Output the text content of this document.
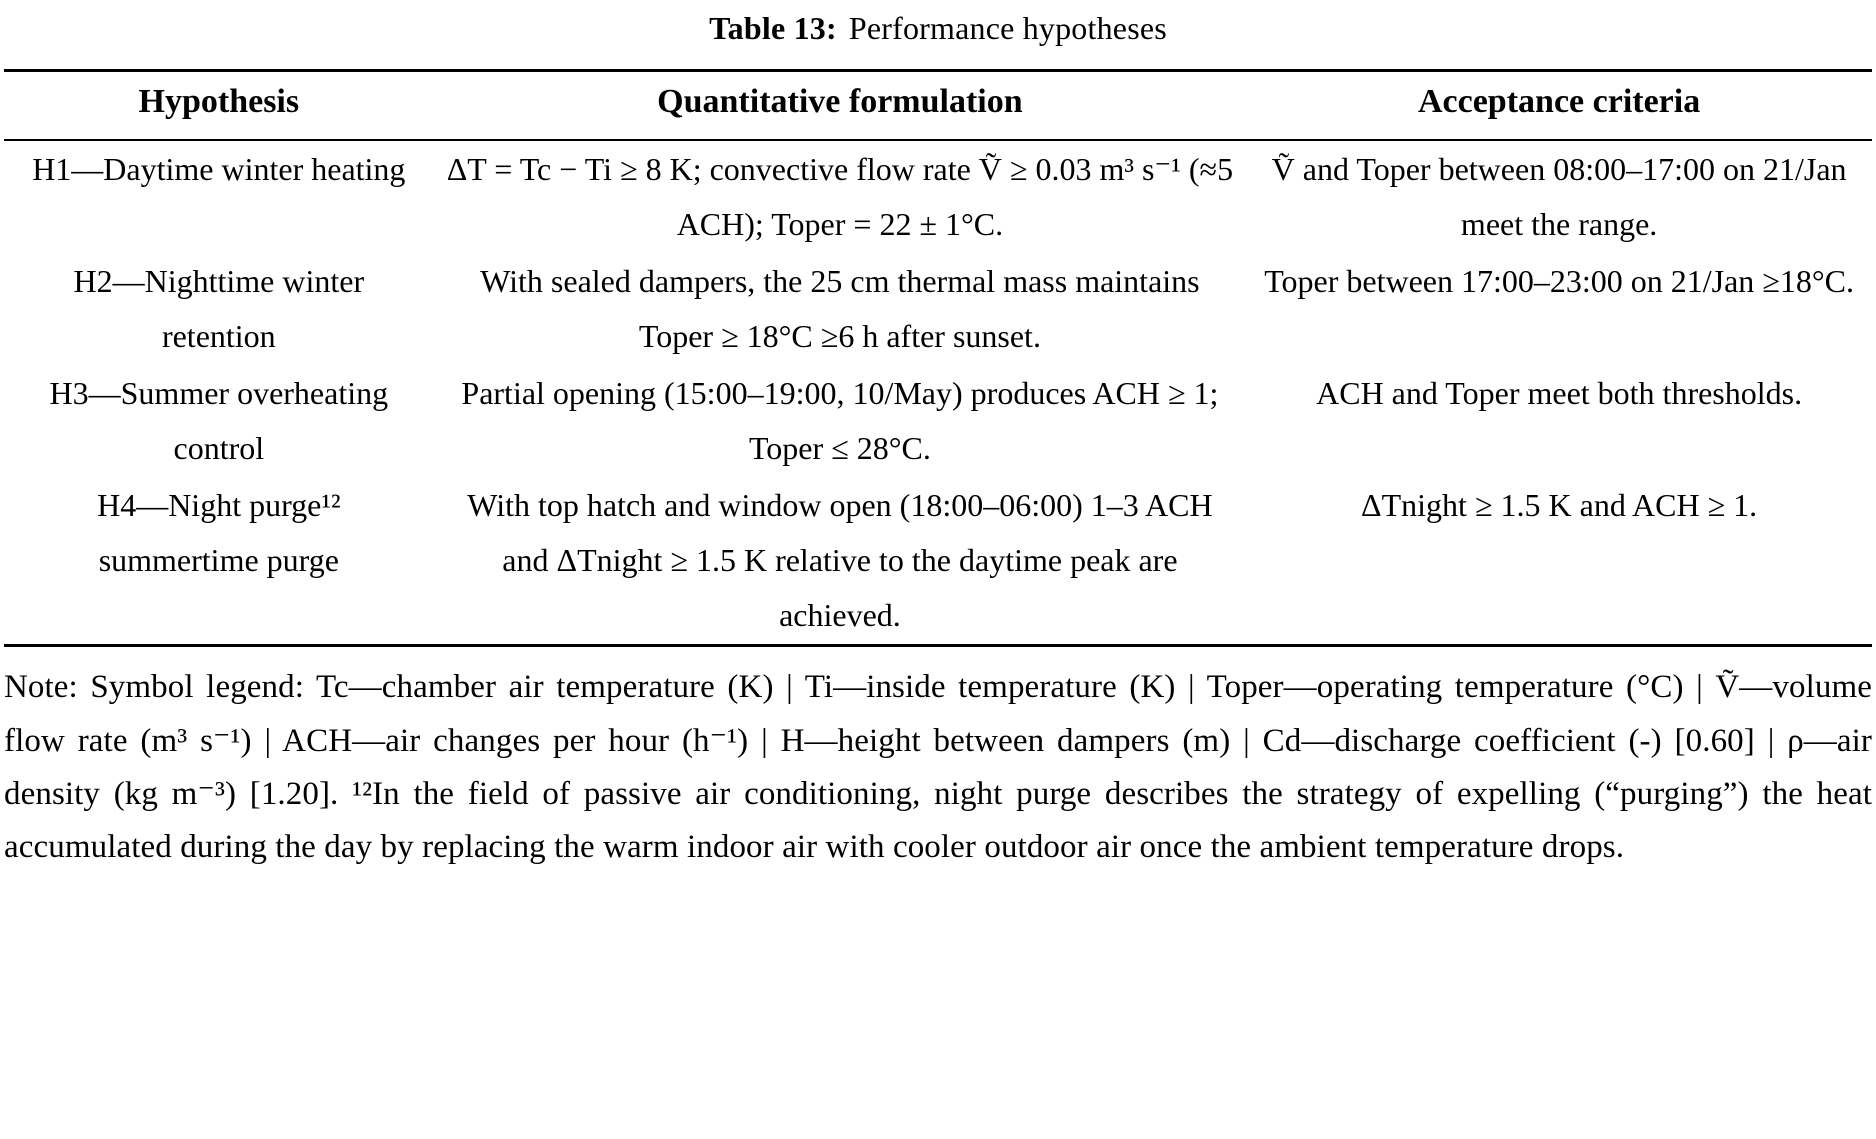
Table 13: Performance hypotheses
Hypothesis	Quantitative formulation	Acceptance criteria
H1—Daytime winter heating	ΔT = Tc − Ti ≥ 8 K; convective flow rate Ṽ ≥ 0.03 m³ s⁻¹ (≈5 ACH); Toper = 22 ± 1°C.	Ṽ and Toper between 08:00–17:00 on 21/Jan meet the range.
H2—Nighttime winter retention	With sealed dampers, the 25 cm thermal mass maintains Toper ≥ 18°C ≥6 h after sunset.	Toper between 17:00–23:00 on 21/Jan ≥18°C.
H3—Summer overheating control	Partial opening (15:00–19:00, 10/May) produces ACH ≥ 1; Toper ≤ 28°C.	ACH and Toper meet both thresholds.
H4—Night purge¹² summertime purge	With top hatch and window open (18:00–06:00) 1–3 ACH and ΔTnight ≥ 1.5 K relative to the daytime peak are achieved.	ΔTnight ≥ 1.5 K and ACH ≥ 1.
Note: Symbol legend: Tc—chamber air temperature (K) | Ti—inside temperature (K) | Toper—operating temperature (°C) | Ṽ—volume flow rate (m³ s⁻¹) | ACH—air changes per hour (h⁻¹) | H—height between dampers (m) | Cd—discharge coefficient (-) [0.60] | ρ—air density (kg m⁻³) [1.20]. ¹²In the field of passive air conditioning, night purge describes the strategy of expelling (“purging”) the heat accumulated during the day by replacing the warm indoor air with cooler outdoor air once the ambient temperature drops.
